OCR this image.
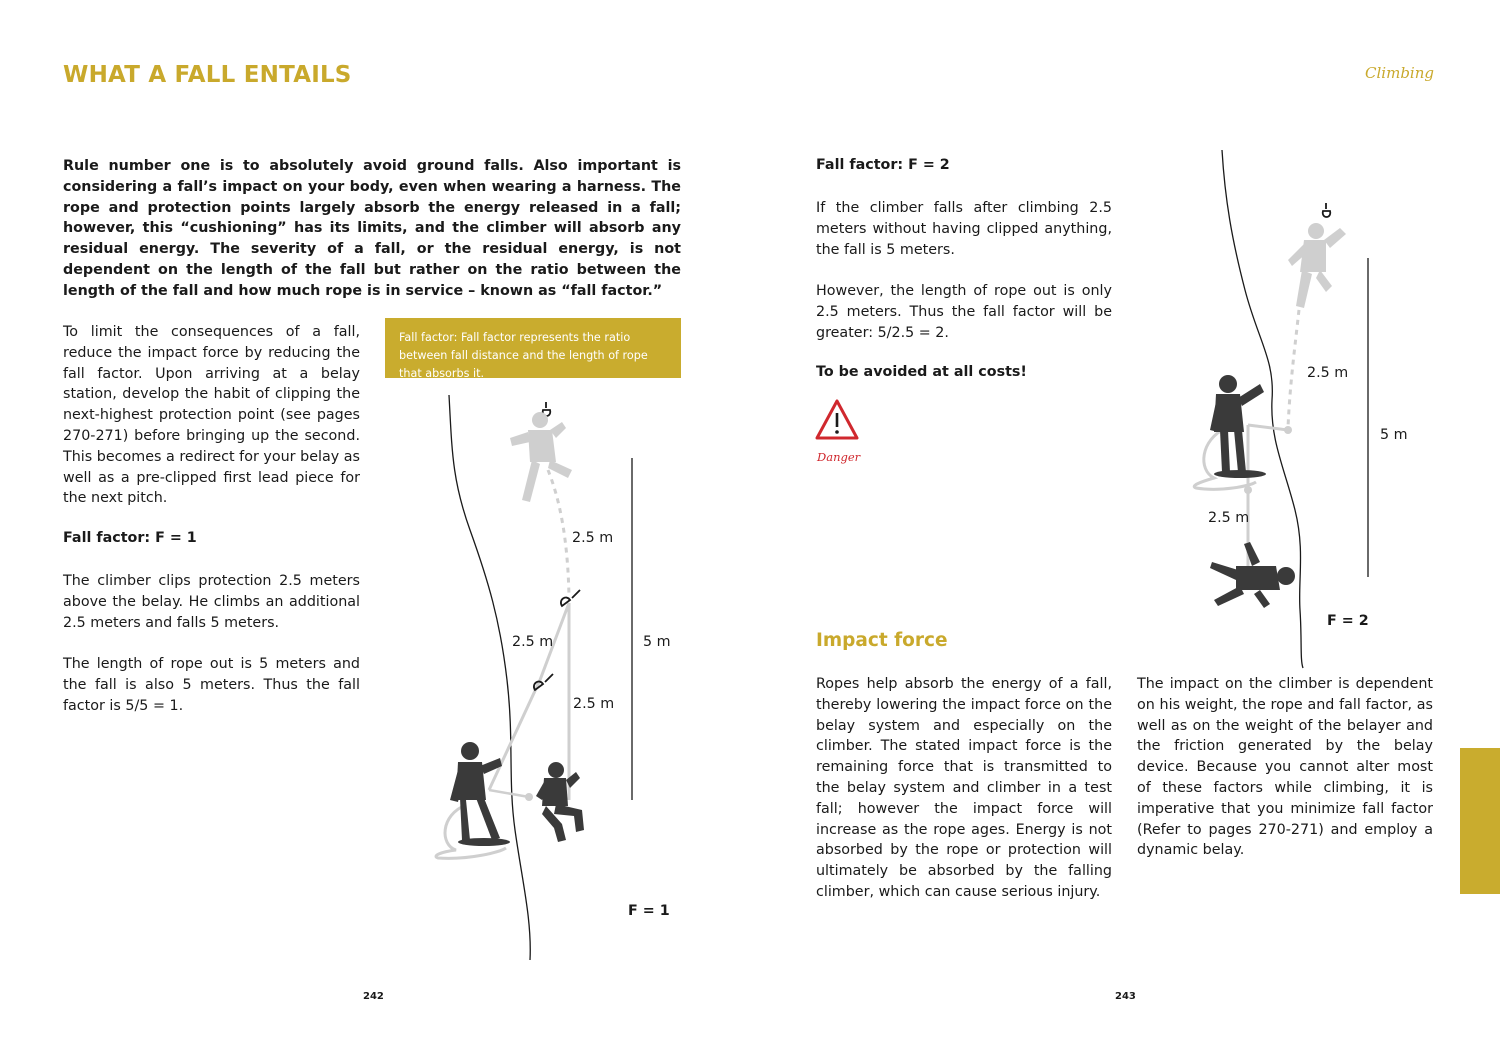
WHAT A FALL ENTAILS	Climbing
Rule number one is to absolutely avoid ground falls. Also important is considering a fall’s impact on your body, even when wearing a harness. The rope and protection points largely absorb the energy released in a fall; however, this “cushioning” has its limits, and the climber will absorb any residual energy. The severity of a fall, or the residual energy, is not dependent on the length of the fall but rather on the ratio between the length of the fall and how much rope is in service – known as “fall factor.”
To limit the consequences of a fall, reduce the impact force by reducing the fall factor. Upon arriving at a belay station, develop the habit of clipping the next-highest protection point (see pages 270-271) before bringing up the second. This becomes a redirect for your belay as well as a pre-clipped first lead piece for the next pitch.
Fall factor: F = 1
The climber clips protection 2.5 meters above the belay. He climbs an additional 2.5 meters and falls 5 meters.
The length of rope out is 5 meters and the fall is also 5 meters. Thus the fall factor is 5/5 = 1.
Fall factor: Fall factor represents the ratio between fall distance and the length of rope that absorbs it.
2.5 m
2.5 m
2.5 m
5 m
F = 1
Fall factor: F = 2
If the climber falls after climbing 2.5 meters without having clipped anything, the fall is 5 meters.
However, the length of rope out is only 2.5 meters. Thus the fall factor will be greater: 5/2.5 = 2.
To be avoided at all costs!
Danger
2.5 m
5 m
2.5 m
F = 2
Impact force
Ropes help absorb the energy of a fall, thereby lowering the impact force on the belay system and especially on the climber. The stated impact force is the remaining force that is transmitted to the belay system and climber in a test fall; however the impact force will increase as the rope ages. Energy is not absorbed by the rope or protection will ultimately be absorbed by the falling climber, which can cause serious injury.
The impact on the climber is dependent on his weight, the rope and fall factor, as well as on the weight of the belayer and the friction generated by the belay device. Because you cannot alter most of these factors while climbing, it is imperative that you minimize fall factor (Refer to pages 270-271) and employ a dynamic belay.
242	243
